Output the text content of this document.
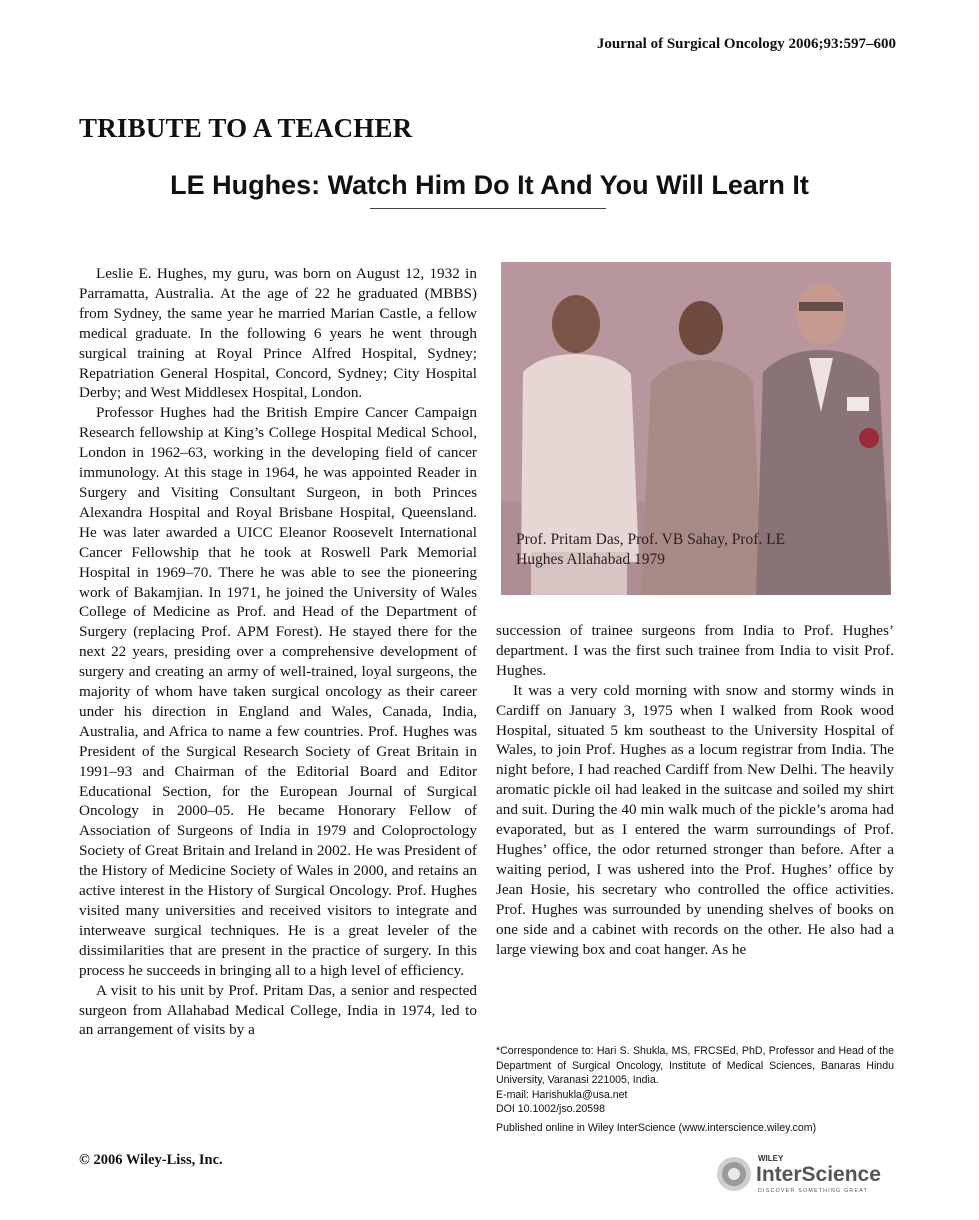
Journal of Surgical Oncology 2006;93:597–600
TRIBUTE TO A TEACHER
LE Hughes: Watch Him Do It And You Will Learn It

Leslie E. Hughes, my guru, was born on August 12, 1932 in Parramatta, Australia. At the age of 22 he graduated (MBBS) from Sydney, the same year he married Marian Castle, a fellow medical graduate. In the following 6 years he went through surgical training at Royal Prince Alfred Hospital, Sydney; Repatriation General Hospital, Concord, Sydney; City Hospital Derby; and West Middlesex Hospital, London.

Professor Hughes had the British Empire Cancer Campaign Research fellowship at King’s College Hospital Medical School, London in 1962–63, working in the developing field of cancer immunology. At this stage in 1964, he was appointed Reader in Surgery and Visiting Consultant Surgeon, in both Princes Alexandra Hospital and Royal Brisbane Hospital, Queensland. He was later awarded a UICC Eleanor Roosevelt International Cancer Fellowship that he took at Roswell Park Memorial Hospital in 1969–70. There he was able to see the pioneering work of Bakamjian. In 1971, he joined the University of Wales College of Medicine as Prof. and Head of the Department of Surgery (replacing Prof. APM Forest). He stayed there for the next 22 years, presiding over a comprehensive development of surgery and creating an army of well-trained, loyal surgeons, the majority of whom have taken surgical oncology as their career under his direction in England and Wales, Canada, India, Australia, and Africa to name a few countries. Prof. Hughes was President of the Surgical Research Society of Great Britain in 1991–93 and Chairman of the Editorial Board and Editor Educational Section, for the European Journal of Surgical Oncology in 2000–05. He became Honorary Fellow of Association of Surgeons of India in 1979 and Coloproctology Society of Great Britain and Ireland in 2002. He was President of the History of Medicine Society of Wales in 2000, and retains an active interest in the History of Surgical Oncology. Prof. Hughes visited many universities and received visitors to integrate and interweave surgical techniques. He is a great leveler of the dissimilarities that are present in the practice of surgery. In this process he succeeds in bringing all to a high level of efficiency.

A visit to his unit by Prof. Pritam Das, a senior and respected surgeon from Allahabad Medical College, India in 1974, led to an arrangement of visits by a

Prof. Pritam Das, Prof. VB Sahay, Prof. LE
Hughes Allahabad 1979

succession of trainee surgeons from India to Prof. Hughes’ department. I was the first such trainee from India to visit Prof. Hughes.

It was a very cold morning with snow and stormy winds in Cardiff on January 3, 1975 when I walked from Rook wood Hospital, situated 5 km southeast to the University Hospital of Wales, to join Prof. Hughes as a locum registrar from India. The night before, I had reached Cardiff from New Delhi. The heavily aromatic pickle oil had leaked in the suitcase and soiled my shirt and suit. During the 40 min walk much of the pickle’s aroma had evaporated, but as I entered the warm surroundings of Prof. Hughes’ office, the odor returned stronger than before. After a waiting period, I was ushered into the Prof. Hughes’ office by Jean Hosie, his secretary who controlled the office activities. Prof. Hughes was surrounded by unending shelves of books on one side and a cabinet with records on the other. He also had a large viewing box and coat hanger. As he

*Correspondence to: Hari S. Shukla, MS, FRCSEd, PhD, Professor and Head of the Department of Surgical Oncology, Institute of Medical Sciences, Banaras Hindu University, Varanasi 221005, India.
E-mail: Harishukla@usa.net
DOI 10.1002/jso.20598
Published online in Wiley InterScience (www.interscience.wiley.com)
© 2006 Wiley-Liss, Inc.	WILEY
InterScience
DISCOVER SOMETHING GREAT
